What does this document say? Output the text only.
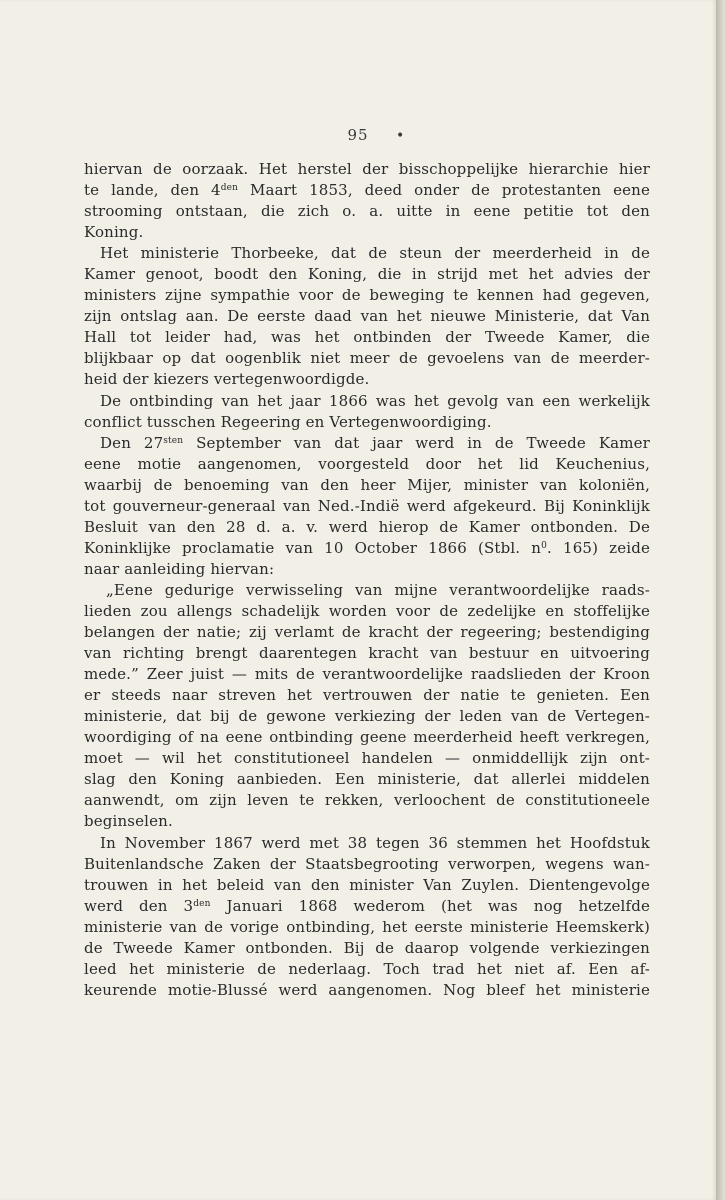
95	•
hiervan de oorzaak. Het herstel der bisschoppelijke hierarchie hier
te lande, den $4^{den}$ Maart 1853, deed onder de protestanten eene
strooming ontstaan, die zich o. a. uitte in eene petitie tot den
Koning.
Het ministerie Thorbeeke, dat de steun der meerderheid in de
Kamer genoot, boodt den Koning, die in strijd met het advies der
ministers zijne sympathie voor de beweging te kennen had gegeven,
zijn ontslag aan. De eerste daad van het nieuwe Ministerie, dat Van
Hall tot leider had, was het ontbinden der Tweede Kamer, die
blijkbaar op dat oogenblik niet meer de gevoelens van de meerder-
heid der kiezers vertegenwoordigde.
De ontbinding van het jaar 1866 was het gevolg van een werkelijk
conflict tusschen Regeering en Vertegenwoordiging.
Den $27^{sten}$ September van dat jaar werd in de Tweede Kamer
eene motie aangenomen, voorgesteld door het lid Keuchenius,
waarbij de benoeming van den heer Mijer, minister van koloniën,
tot gouverneur-generaal van Ned.-Indië werd afgekeurd. Bij Koninklijk
Besluit van den 28 d. a. v. werd hierop de Kamer ontbonden. De
Koninklijke proclamatie van 10 October 1866 (Stbl. $n^0$. 165) zeide
naar aanleiding hiervan:
„Eene gedurige verwisseling van mijne verantwoordelijke raads-
lieden zou allengs schadelijk worden voor de zedelijke en stoffelijke
belangen der natie; zij verlamt de kracht der regeering; bestendiging
van richting brengt daarentegen kracht van bestuur en uitvoering
mede.” Zeer juist — mits de verantwoordelijke raadslieden der Kroon
er steeds naar streven het vertrouwen der natie te genieten. Een
ministerie, dat bij de gewone verkiezing der leden van de Vertegen-
woordiging of na eene ontbinding geene meerderheid heeft verkregen,
moet — wil het constitutioneel handelen — onmiddellijk zijn ont-
slag den Koning aanbieden. Een ministerie, dat allerlei middelen
aanwendt, om zijn leven te rekken, verloochent de constitutioneele
beginselen.
In November 1867 werd met 38 tegen 36 stemmen het Hoofdstuk
Buitenlandsche Zaken der Staatsbegrooting verworpen, wegens wan-
trouwen in het beleid van den minister Van Zuylen. Dientengevolge
werd den $3^{den}$ Januari 1868 wederom (het was nog hetzelfde
ministerie van de vorige ontbinding, het eerste ministerie Heemskerk)
de Tweede Kamer ontbonden. Bij de daarop volgende verkiezingen
leed het ministerie de nederlaag. Toch trad het niet af. Een af-
keurende motie-Blussé werd aangenomen. Nog bleef het ministerie
